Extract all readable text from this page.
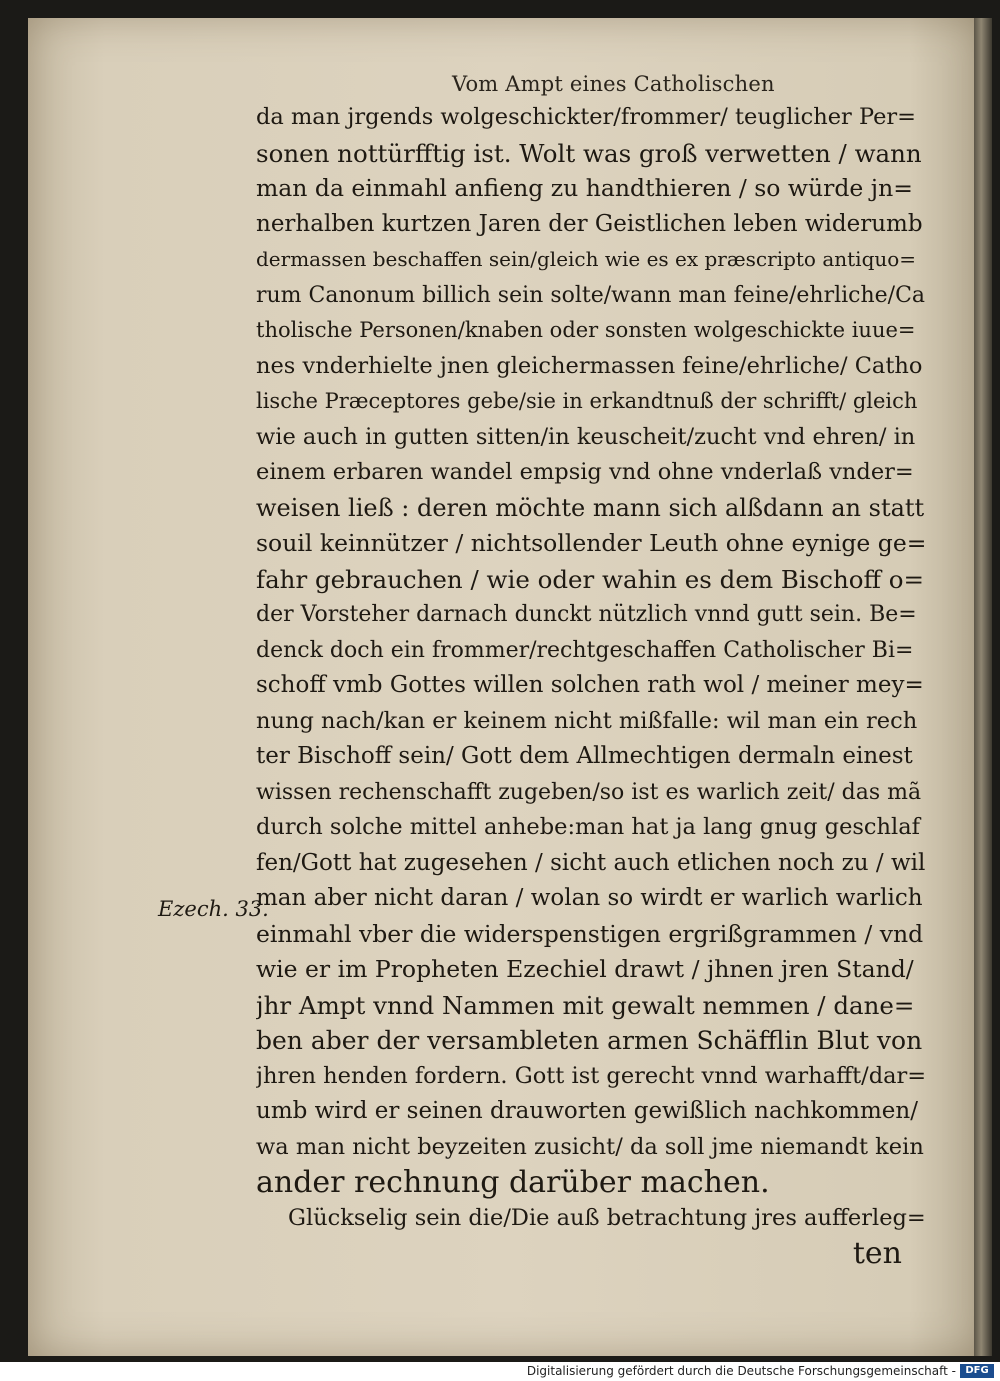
Vom Ampt eines Catholischen
Ezech. 33.
da man jrgends wolgeschickter/frommer/ teuglicher Per=
sonen nottürfftig ist. Wolt was groß verwetten / wann
man da einmahl anfieng zu handthieren / so würde jn=
nerhalben kurtzen Jaren der Geistlichen leben widerumb
dermassen beschaffen sein/gleich wie es ex præscripto antiquo=
rum Canonum billich sein solte/wann man feine/ehrliche/Ca
tholische Personen/knaben oder sonsten wolgeschickte iuue=
nes vnderhielte jnen gleichermassen feine/ehrliche/ Catho
lische Præceptores gebe/sie in erkandtnuß der schrifft/ gleich
wie auch in gutten sitten/in keuscheit/zucht vnd ehren/ in
einem erbaren wandel empsig vnd ohne vnderlaß vnder=
weisen ließ : deren möchte mann sich alßdann an statt
souil keinnützer / nichtsollender Leuth ohne eynige ge=
fahr gebrauchen / wie oder wahin es dem Bischoff o=
der Vorsteher darnach dunckt nützlich vnnd gutt sein. Be=
denck doch ein frommer/rechtgeschaffen Catholischer Bi=
schoff vmb Gottes willen solchen rath wol / meiner mey=
nung nach/kan er keinem nicht mißfalle: wil man ein rech
ter Bischoff sein/ Gott dem Allmechtigen dermaln einest
wissen rechenschafft zugeben/so ist es warlich zeit/ das mã
durch solche mittel anhebe:man hat ja lang gnug geschlaf
fen/Gott hat zugesehen / sicht auch etlichen noch zu / wil
man aber nicht daran / wolan so wirdt er warlich warlich
einmahl vber die widerspenstigen ergrißgrammen / vnd
wie er im Propheten Ezechiel drawt / jhnen jren Stand/
jhr Ampt vnnd Nammen mit gewalt nemmen / dane=
ben aber der versambleten armen Schäfflin Blut von
jhren henden fordern. Gott ist gerecht vnnd warhafft/dar=
umb wird er seinen drauworten gewißlich nachkommen/
wa man nicht beyzeiten zusicht/ da soll jme niemandt kein
ander rechnung darüber machen.
Glückselig sein die/Die auß betrachtung jres aufferleg=
ten
Digitalisierung gefördert durch die Deutsche Forschungsgemeinschaft - DFG
